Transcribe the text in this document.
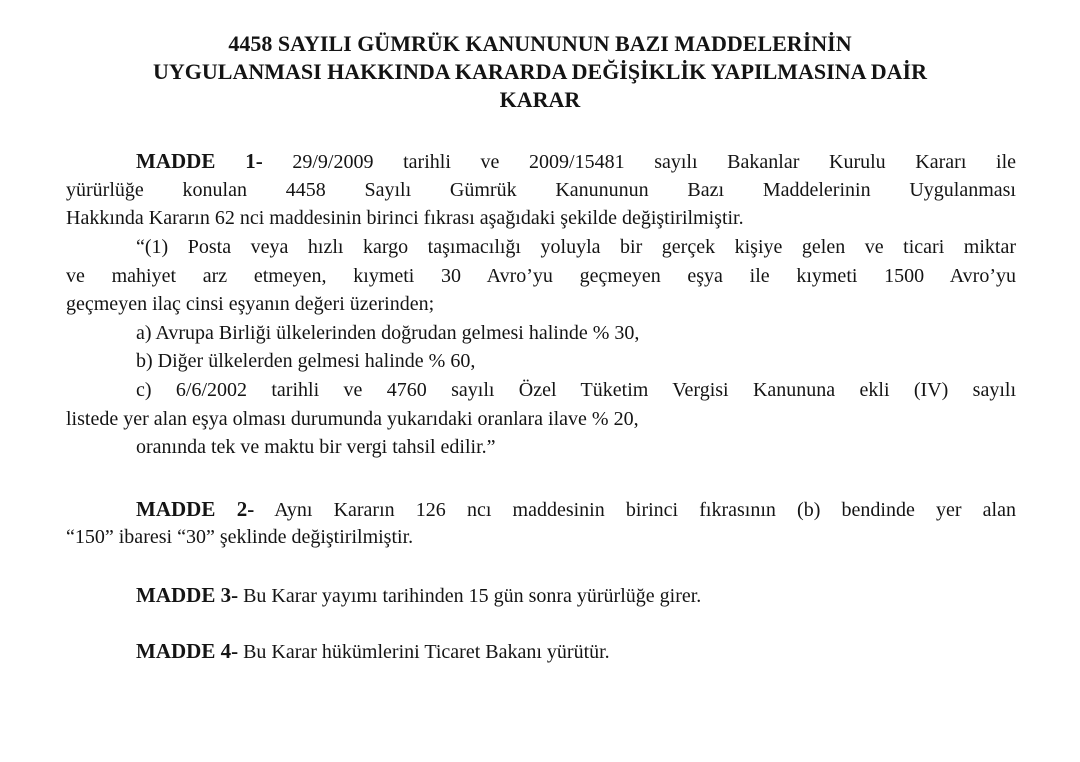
4458 SAYILI GÜMRÜK KANUNUNUN BAZI MADDELERİNİN
UYGULANMASI HAKKINDA KARARDA DEĞİŞİKLİK YAPILMASINA DAİR
KARAR
MADDE 1- 29/9/2009 tarihli ve 2009/15481 sayılı Bakanlar Kurulu Kararı ile
yürürlüğe konulan 4458 Sayılı Gümrük Kanununun Bazı Maddelerinin Uygulanması
Hakkında Kararın 62 nci maddesinin birinci fıkrası aşağıdaki şekilde değiştirilmiştir.
“(1) Posta veya hızlı kargo taşımacılığı yoluyla bir gerçek kişiye gelen ve ticari miktar
ve mahiyet arz etmeyen, kıymeti 30 Avro’yu geçmeyen eşya ile kıymeti 1500 Avro’yu
geçmeyen ilaç cinsi eşyanın değeri üzerinden;
a) Avrupa Birliği ülkelerinden doğrudan gelmesi halinde % 30,
b) Diğer ülkelerden gelmesi halinde % 60,
c) 6/6/2002 tarihli ve 4760 sayılı Özel Tüketim Vergisi Kanununa ekli (IV) sayılı
listede yer alan eşya olması durumunda yukarıdaki oranlara ilave % 20,
oranında tek ve maktu bir vergi tahsil edilir.”
MADDE 2- Aynı Kararın 126 ncı maddesinin birinci fıkrasının (b) bendinde yer alan
“150” ibaresi “30” şeklinde değiştirilmiştir.
MADDE 3- Bu Karar yayımı tarihinden 15 gün sonra yürürlüğe girer.
MADDE 4- Bu Karar hükümlerini Ticaret Bakanı yürütür.
